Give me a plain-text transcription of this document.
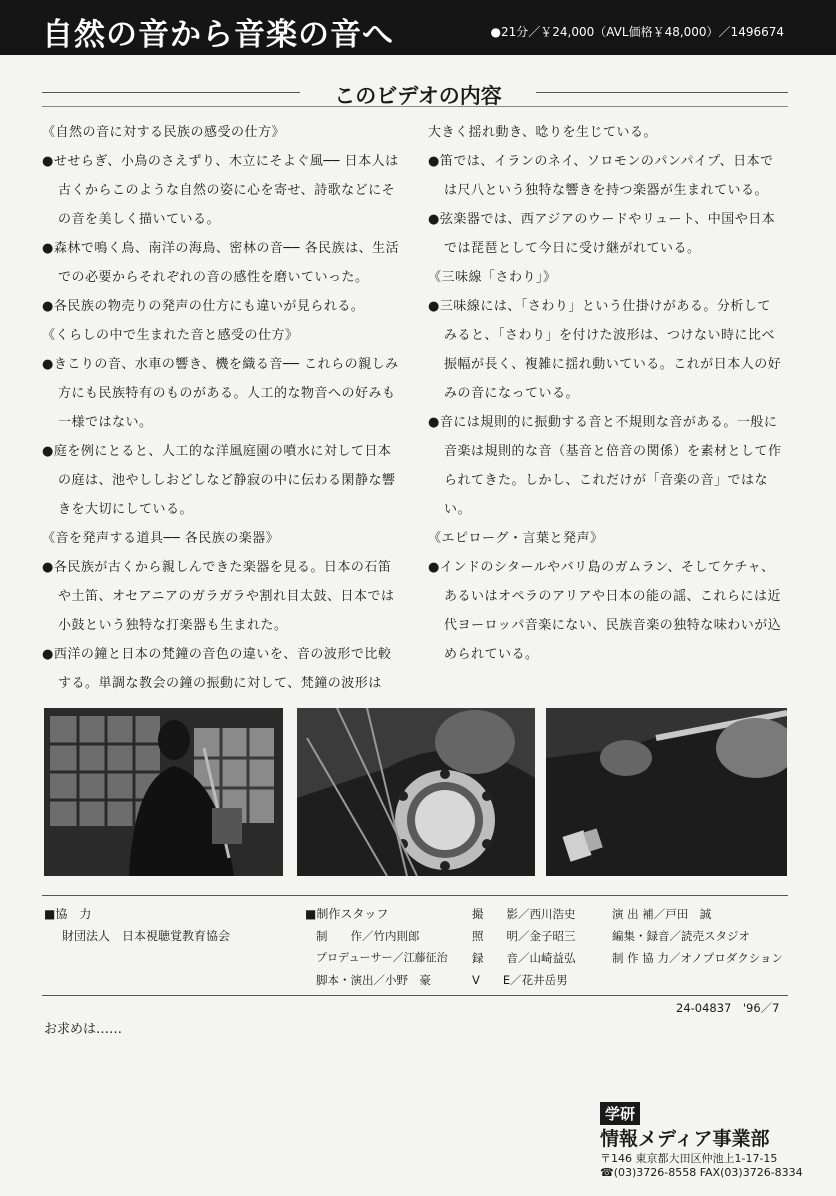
自然の音から音楽の音へ	●21分／￥24,000（AVL価格￥48,000）／1496674
このビデオの内容
《自然の音に対する民族の感受の仕方》
●せせらぎ、小鳥のさえずり、木立にそよぐ風── 日本人は古くからこのような自然の姿に心を寄せ、詩歌などにその音を美しく描いている。
●森林で鳴く鳥、南洋の海鳥、密林の音── 各民族は、生活での必要からそれぞれの音の感性を磨いていった。
●各民族の物売りの発声の仕方にも違いが見られる。
《くらしの中で生まれた音と感受の仕方》
●きこりの音、水車の響き、機を織る音── これらの親しみ方にも民族特有のものがある。人工的な物音への好みも一様ではない。
●庭を例にとると、人工的な洋風庭園の噴水に対して日本の庭は、池やししおどしなど静寂の中に伝わる閑静な響きを大切にしている。
《音を発声する道具── 各民族の楽器》
●各民族が古くから親しんできた楽器を見る。日本の石笛や土笛、オセアニアのガラガラや割れ目太鼓、日本では小鼓という独特な打楽器も生まれた。
●西洋の鐘と日本の梵鐘の音色の違いを、音の波形で比較する。単調な教会の鐘の振動に対して、梵鐘の波形は
大きく揺れ動き、唸りを生じている。
●笛では、イランのネイ、ソロモンのパンパイプ、日本では尺八という独特な響きを持つ楽器が生まれている。
●弦楽器では、西アジアのウードやリュート、中国や日本では琵琶として今日に受け継がれている。
《三味線「さわり」》
●三味線には、「さわり」という仕掛けがある。分析してみると、「さわり」を付けた波形は、つけない時に比べ振幅が長く、複雑に揺れ動いている。これが日本人の好みの音になっている。
●音には規則的に振動する音と不規則な音がある。一般に音楽は規則的な音（基音と倍音の関係）を素材として作られてきた。しかし、これだけが「音楽の音」ではない。
《エピローグ・言葉と発声》
●インドのシタールやバリ島のガムラン、そしてケチャ、あるいはオペラのアリアや日本の能の謡、これらには近代ヨーロッパ音楽にない、民族音楽の独特な味わいが込められている。
■協　力
財団法人　日本視聴覚教育協会
■制作スタッフ
制　　作／竹内則郎
プロデューサー／江藤征治
脚本・演出／小野　豪
撮　　影／西川浩史
照　　明／金子昭三
録　　音／山崎益弘
V　　E／花井岳男
演 出 補／戸田　誠
編集・録音／読売スタジオ
制 作 協 力／オノプロダクション
24-04837　'96／7
お求めは……
学研
情報メディア事業部
〒146 東京都大田区仲池上1-17-15
☎(03)3726-8558 FAX(03)3726-8334
